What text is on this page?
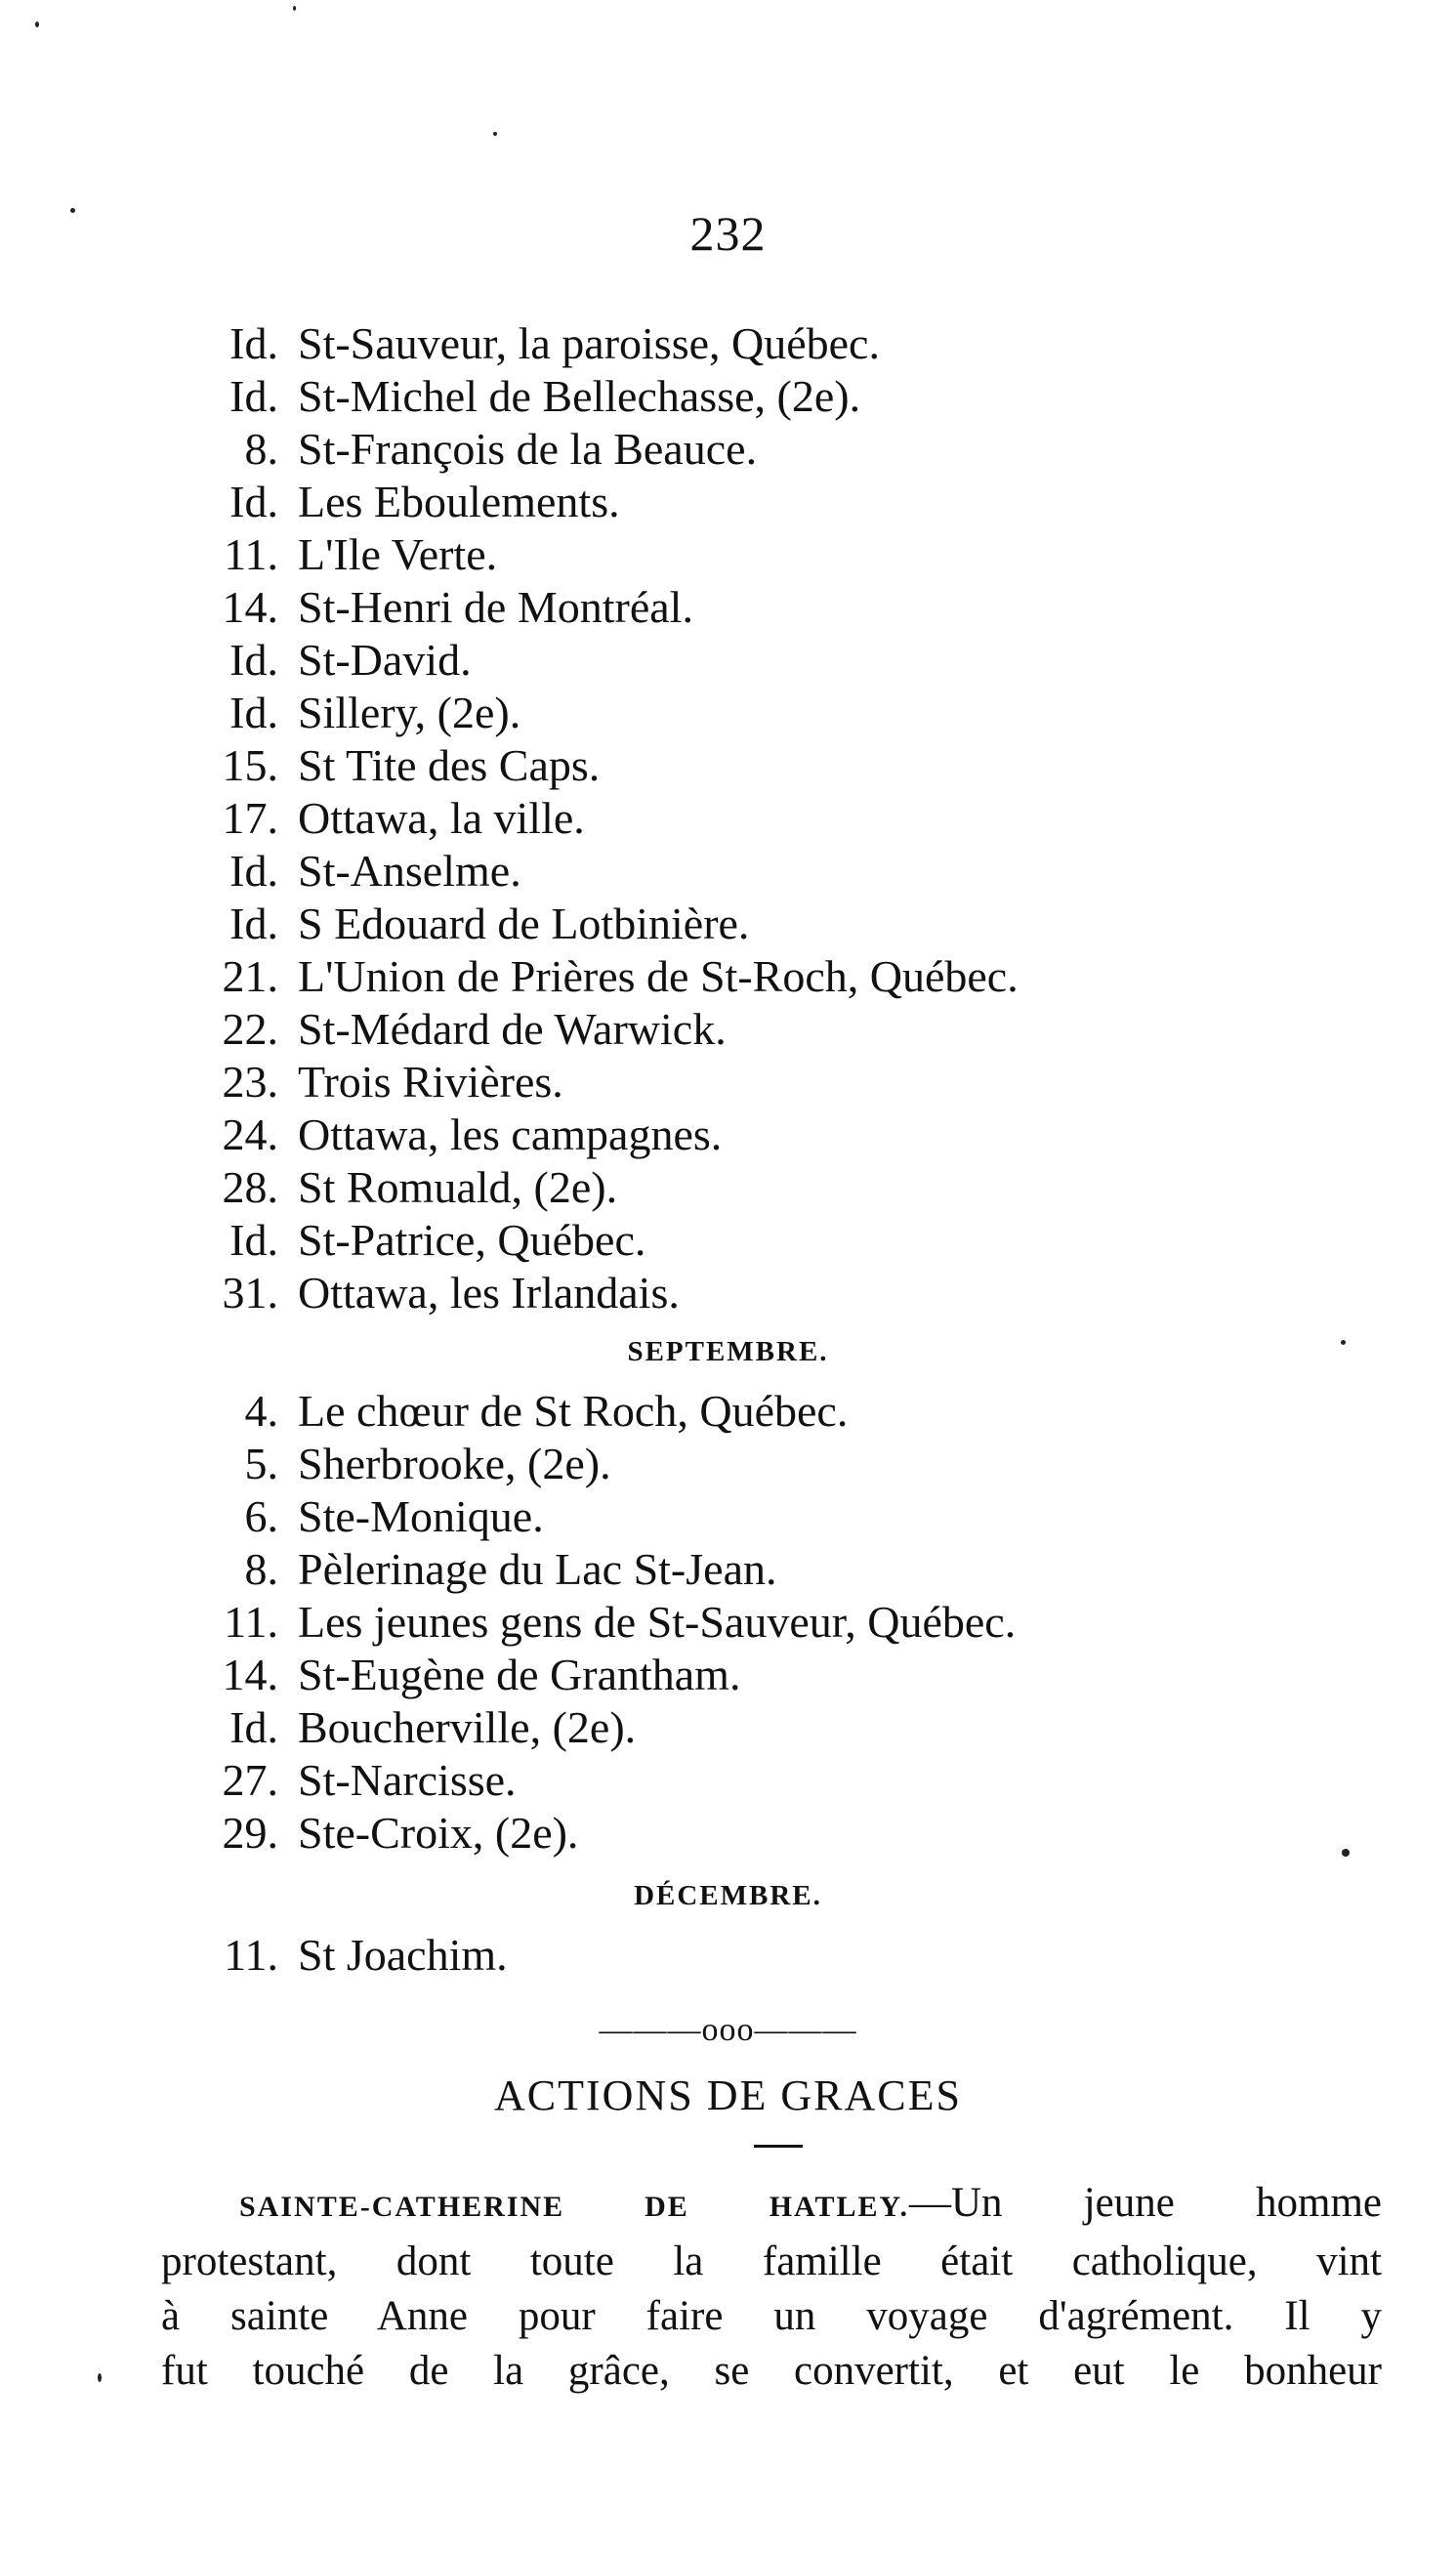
232
Id. St-Sauveur, la paroisse, Québec.
Id. St-Michel de Bellechasse, (2e).
8. St-François de la Beauce.
Id. Les Eboulements.
11. L'Ile Verte.
14. St-Henri de Montréal.
Id. St-David.
Id. Sillery, (2e).
15. St Tite des Caps.
17. Ottawa, la ville.
Id. St-Anselme.
Id. S Edouard de Lotbinière.
21. L'Union de Prières de St-Roch, Québec.
22. St-Médard de Warwick.
23. Trois Rivières.
24. Ottawa, les campagnes.
28. St Romuald, (2e).
Id. St-Patrice, Québec.
31. Ottawa, les Irlandais.
SEPTEMBRE.
4. Le chœur de St Roch, Québec.
5. Sherbrooke, (2e).
6. Ste-Monique.
8. Pèlerinage du Lac St-Jean.
11. Les jeunes gens de St-Sauveur, Québec.
14. St-Eugène de Grantham.
Id. Boucherville, (2e).
27. St-Narcisse.
29. Ste-Croix, (2e).
DÉCEMBRE.
11. St Joachim.
———ooo———
ACTIONS DE GRACES
SAINTE-CATHERINE DE HATLEY.—Un jeune homme
protestant, dont toute la famille était catholique, vint
à sainte Anne pour faire un voyage d'agrément. Il y
fut touché de la grâce, se convertit, et eut le bonheur
